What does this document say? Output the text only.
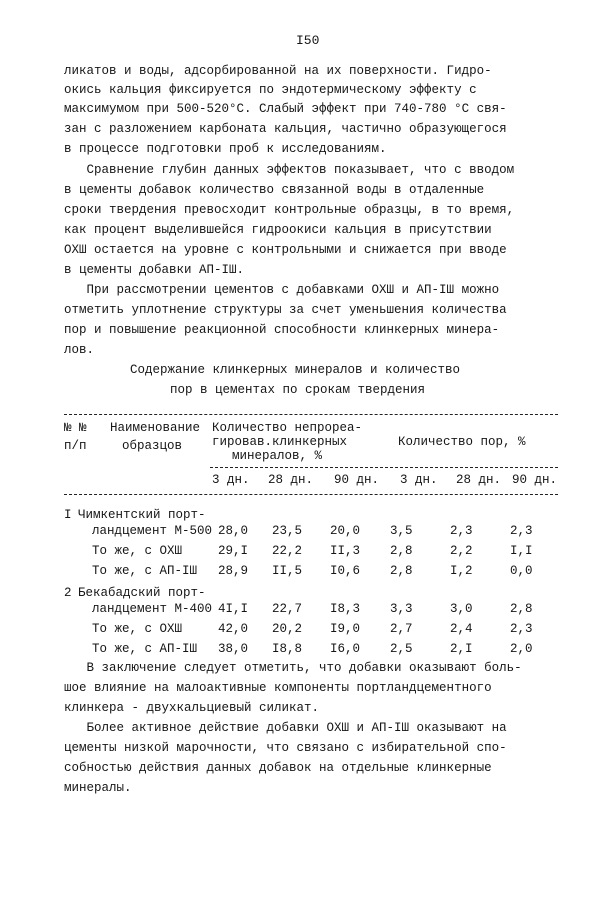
I50
ликатов и воды, адсорбированной на их поверхности. Гидро-
окись кальция фиксируется по эндотермическому эффекту с
максимумом при 500-520°С. Слабый эффект при 740-780 °С свя-
зан с разложением карбоната кальция, частично образующегося
в процессе подготовки проб к исследованиям.
Сравнение глубин данных эффектов показывает, что с вводом
в цементы добавок количество связанной воды в отдаленные
сроки твердения превосходит контрольные образцы, в то время,
как процент выделившейся гидроокиси кальция в присутствии
ОХШ остается на уровне с контрольными и снижается при вводе
в цементы добавки АП-IШ.
При рассмотрении цементов с добавками ОХШ и АП-IШ можно
отметить уплотнение структуры за счет уменьшения количества
пор и повышение реакционной способности клинкерных минера-
лов.
Содержание клинкерных минералов и количество
пор в цементах по срокам твердения
№ №
п/п
Наименование
образцов
Количество непрорea-
гировав.клинкерных
минералов, %
Количество пор, %
3 дн. 28 дн. 90 дн. 3 дн. 28 дн. 90 дн.
I Чимкентский порт-
ландцемент М-500 28,0 23,5 20,0 3,5	2,3	2,3
То же, с ОХШ	29,I 22,2 II,3 2,8	2,2	I,I
То же, с АП-IШ 28,9 II,5 I0,6 2,8	I,2	0,0
2 Бекабадский порт-
ландцемент М-400 4I,I 22,7 I8,3 3,3	3,0	2,8
То же, с ОХШ	42,0 20,2 I9,0 2,7	2,4	2,3
То же, с АП-IШ 38,0 I8,8 I6,0 2,5	2,I	2,0
В заключение следует отметить, что добавки оказывают боль-
шое влияние на малоактивные компоненты портландцементного
клинкера - двухкальциевый силикат.
Более активное действие добавки ОХШ и АП-IШ оказывают на
цементы низкой марочности, что связано с избирательной спо-
собностью действия данных добавок на отдельные клинкерные
минералы.
